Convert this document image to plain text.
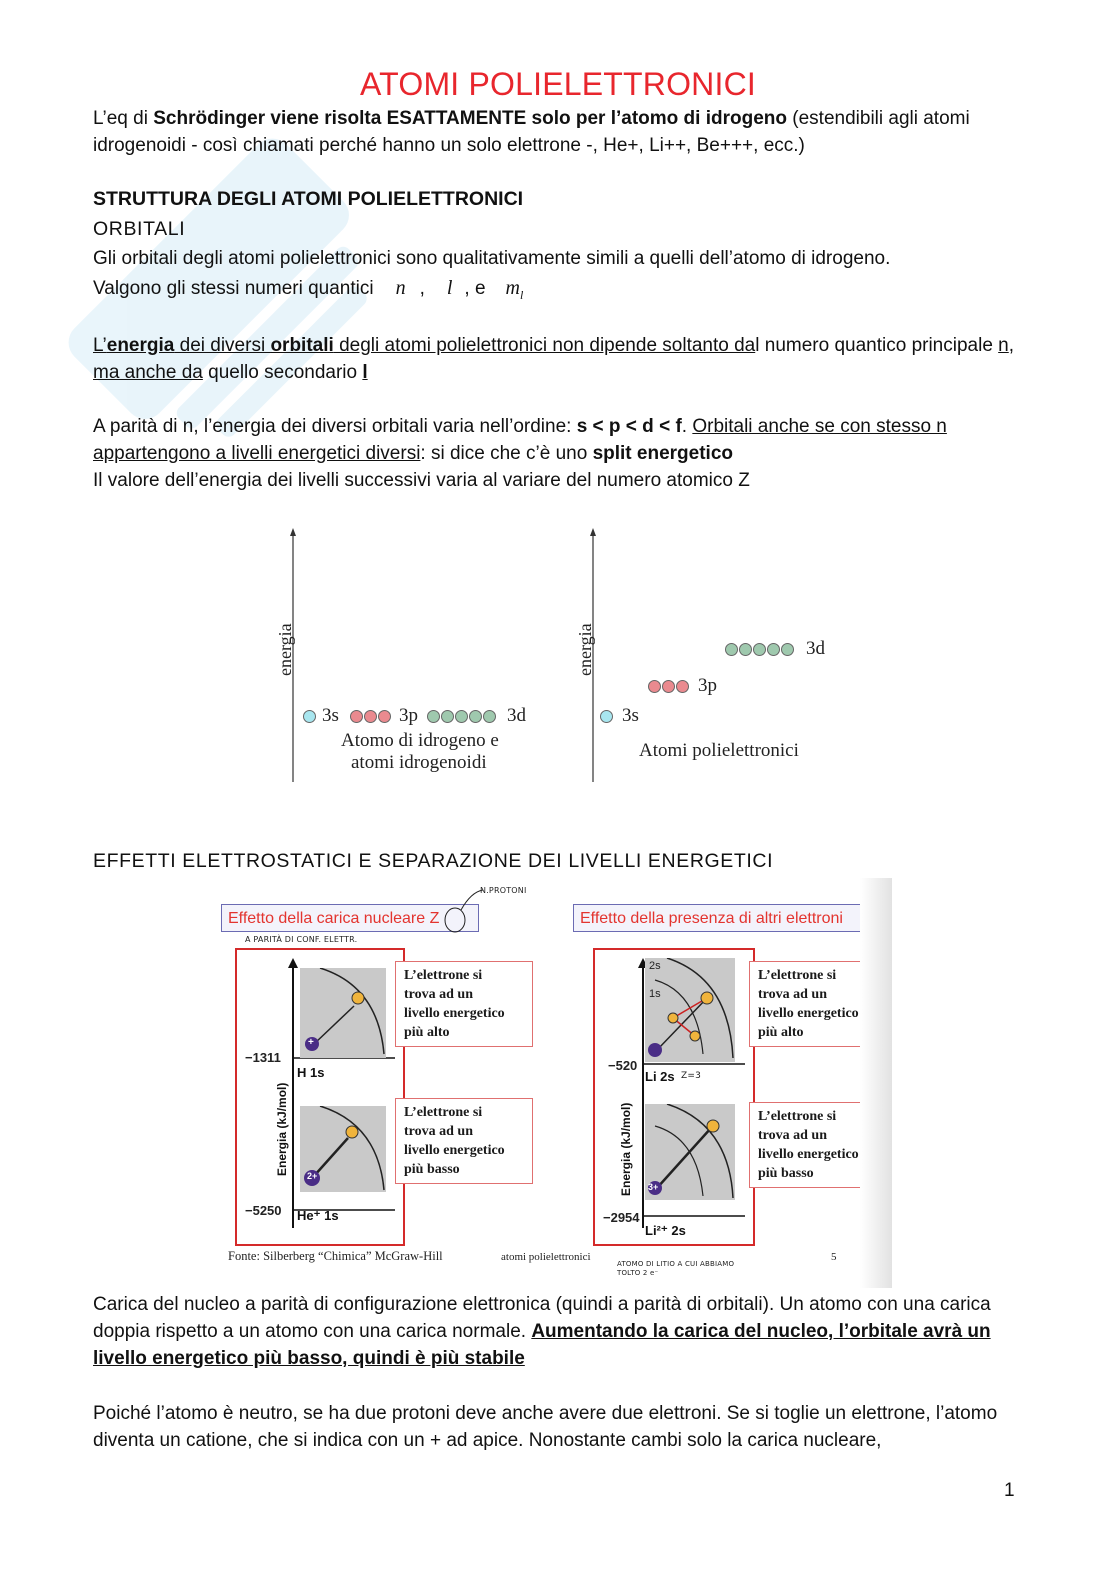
ATOMI POLIELETTRONICI

L’eq di Schrödinger viene risolta ESATTAMENTE solo per l’atomo di idrogeno (estendibili agli atomi idrogenoidi - così chiamati perché hanno un solo elettrone -, He+, Li++, Be+++, ecc.)

STRUTTURA DEGLI ATOMI POLIELETTRONICI

ORBITALI

Gli orbitali degli atomi polielettronici sono qualitativamente simili a quelli dell’atomo di idrogeno.

Valgono gli stessi numeri quantici n , l , e $m_l$

L’energia dei diversi orbitali degli atomi polielettronici non dipende soltanto dal numero quantico principale n, ma anche da quello secondario l

A parità di n, l’energia dei diversi orbitali varia nell’ordine: s < p < d < f. Orbitali anche se con stesso n appartengono a livelli energetici diversi: si dice che c’è uno split energetico

Il valore dell’energia dei livelli successivi varia al variare del numero atomico Z

energia	energia
3s	3p	3d
Atomo di idrogeno e
atomi idrogenoidi
3s
3p
3d
Atomi polielettronici

EFFETTI ELETTROSTATICI E SEPARAZIONE DEI LIVELLI ENERGETICI

Effetto della carica nucleare Z
N.PROTONI
A PARITÀ DI CONF. ELETTR.
Effetto della presenza di altri elettroni
+
2+
−1311
H 1s
−5250 He⁺ 1s
Energia (kJ/mol)
L’elettrone si
trova ad un
livello energetico
più alto
L’elettrone si
trova ad un
livello energetico
più basso
2s
1s
3+
−520
Li 2s Z=3
−2954
Li²⁺ 2s
Energia (kJ/mol)
L’elettrone si
trova ad un
livello energetico
più alto
L’elettrone si
trova ad un
livello energetico
più basso
Fonte: Silberberg “Chimica” McGraw-Hill	atomi polielettronici
ATOMO DI LITIO A CUI ABBIAMO TOLTO 2 e⁻
5

Carica del nucleo a parità di configurazione elettronica (quindi a parità di orbitali). Un atomo con una carica doppia rispetto a un atomo con una carica normale. Aumentando la carica del nucleo, l’orbitale avrà un livello energetico più basso, quindi è più stabile

Poiché l’atomo è neutro, se ha due protoni deve anche avere due elettroni. Se si toglie un elettrone, l’atomo diventa un catione, che si indica con un + ad apice. Nonostante cambi solo la carica nucleare,

1
